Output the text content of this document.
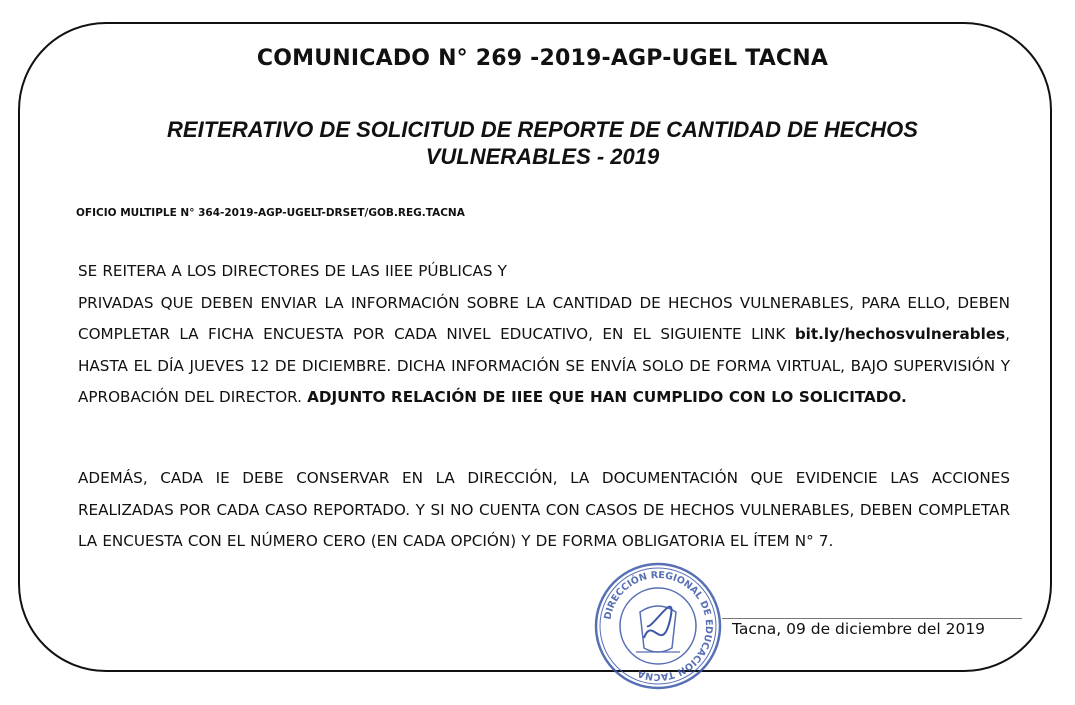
COMUNICADO N° 269 -2019-AGP-UGEL TACNA
REITERATIVO DE SOLICITUD DE REPORTE DE CANTIDAD DE HECHOS
VULNERABLES - 2019
OFICIO MULTIPLE N° 364-2019-AGP-UGELT-DRSET/GOB.REG.TACNA
SE REITERA A LOS DIRECTORES DE LAS IIEE PÚBLICAS Y
PRIVADAS QUE DEBEN ENVIAR LA INFORMACIÓN SOBRE LA CANTIDAD DE HECHOS VULNERABLES, PARA ELLO, DEBEN COMPLETAR LA FICHA ENCUESTA POR CADA NIVEL EDUCATIVO, EN EL SIGUIENTE LINK bit.ly/hechosvulnerables, HASTA EL DÍA JUEVES 12 DE DICIEMBRE. DICHA INFORMACIÓN SE ENVÍA SOLO DE FORMA VIRTUAL, BAJO SUPERVISIÓN Y APROBACIÓN DEL DIRECTOR. ADJUNTO RELACIÓN DE IIEE QUE HAN CUMPLIDO CON LO SOLICITADO.
ADEMÁS, CADA IE DEBE CONSERVAR EN LA DIRECCIÓN, LA DOCUMENTACIÓN QUE EVIDENCIE LAS ACCIONES REALIZADAS POR CADA CASO REPORTADO. Y SI NO CUENTA CON CASOS DE HECHOS VULNERABLES, DEBEN COMPLETAR LA ENCUESTA CON EL NÚMERO CERO (EN CADA OPCIÓN) Y DE FORMA OBLIGATORIA EL ÍTEM N° 7.
DIRECCIÓN REGIONAL DE EDUCACIÓN TACNA
Tacna, 09 de diciembre del 2019
